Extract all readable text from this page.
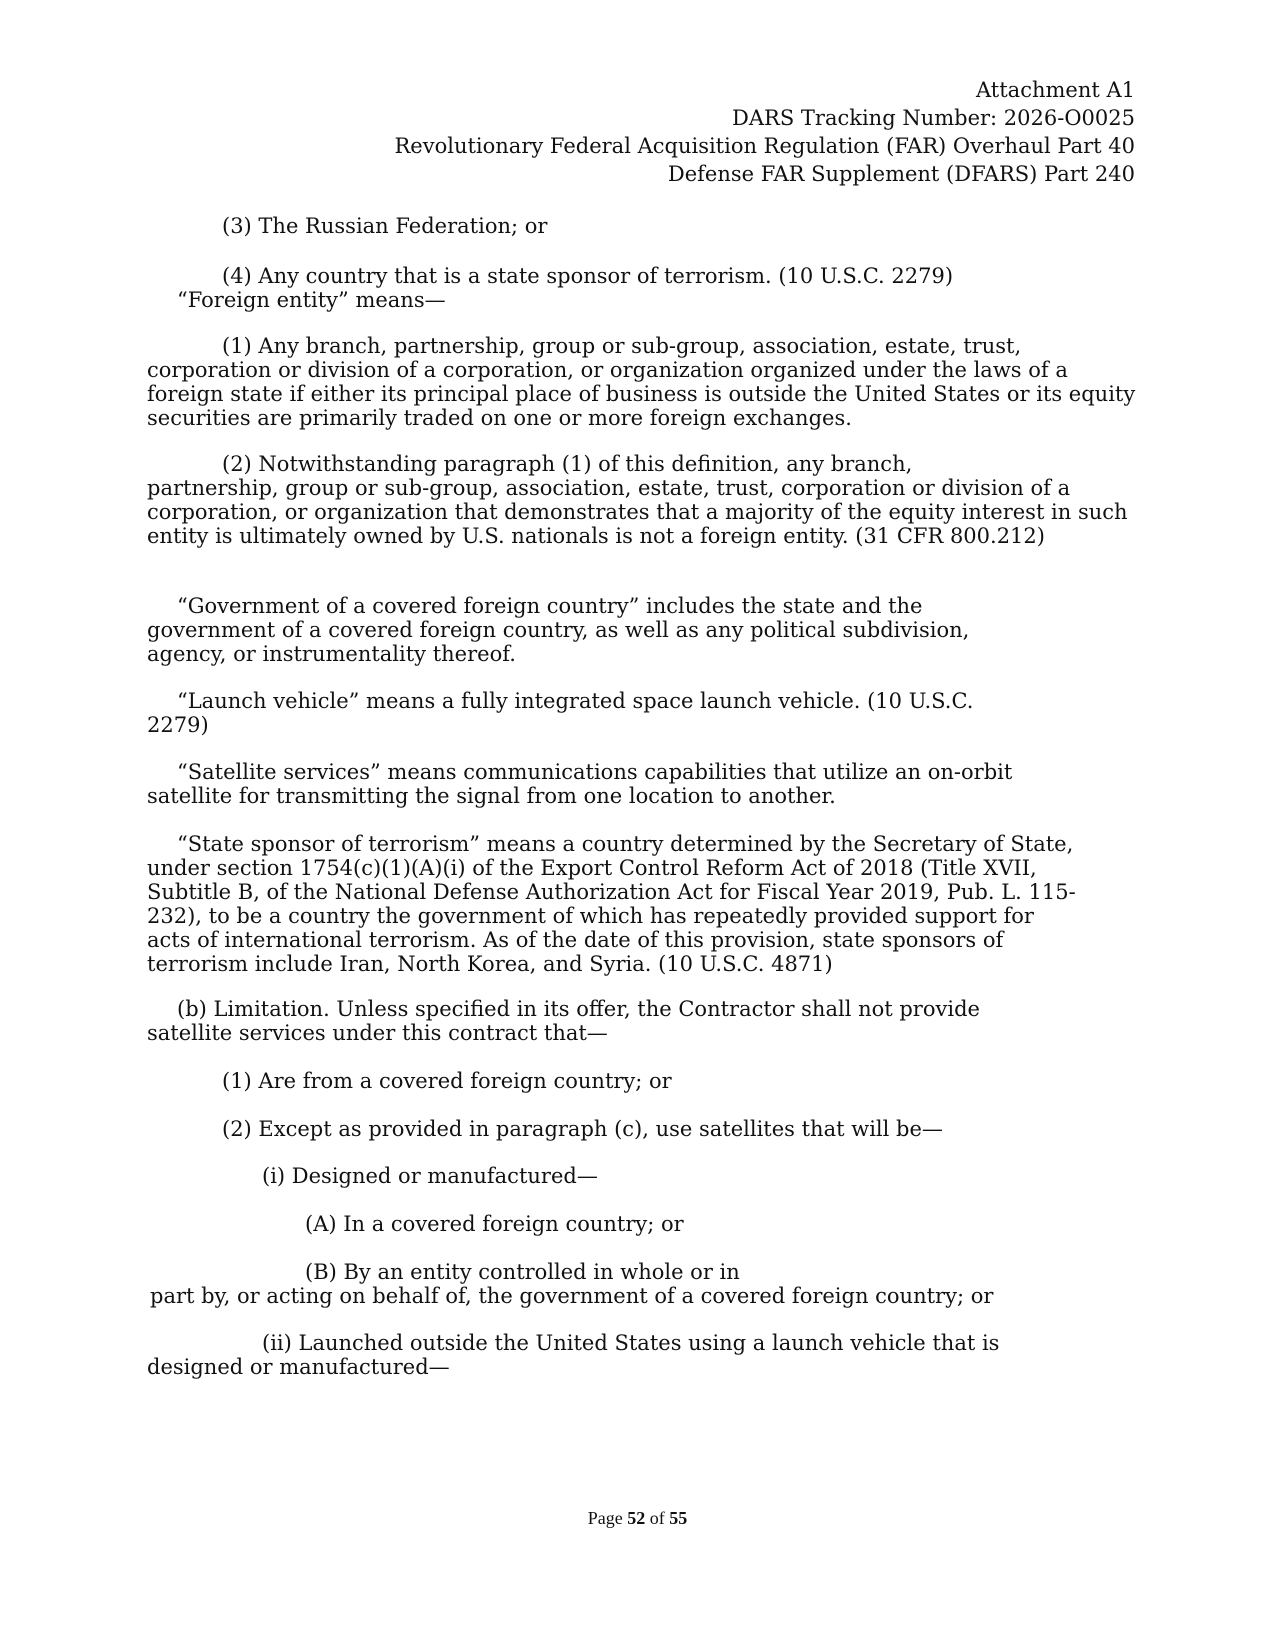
Attachment A1
DARS Tracking Number: 2026-O0025
Revolutionary Federal Acquisition Regulation (FAR) Overhaul Part 40
Defense FAR Supplement (DFARS) Part 240

(3) The Russian Federation; or

(4) Any country that is a state sponsor of terrorism. (10 U.S.C. 2279)

“Foreign entity” means—

(1) Any branch, partnership, group or sub-group, association, estate, trust,

corporation or division of a corporation, or organization organized under the laws of a foreign state if either its principal place of business is outside the United States or its equity securities are primarily traded on one or more foreign exchanges.

(2) Notwithstanding paragraph (1) of this definition, any branch,

partnership, group or sub-group, association, estate, trust, corporation or division of a corporation, or organization that demonstrates that a majority of the equity interest in such entity is ultimately owned by U.S. nationals is not a foreign entity. (31 CFR 800.212)

“Government of a covered foreign country” includes the state and the government of a covered foreign country, as well as any political subdivision, agency, or instrumentality thereof.

“Launch vehicle” means a fully integrated space launch vehicle. (10 U.S.C. 2279)

“Satellite services” means communications capabilities that utilize an on-orbit satellite for transmitting the signal from one location to another.

“State sponsor of terrorism” means a country determined by the Secretary of State, under section 1754(c)(1)(A)(i) of the Export Control Reform Act of 2018 (Title XVII, Subtitle B, of the National Defense Authorization Act for Fiscal Year 2019, Pub. L. 115-232), to be a country the government of which has repeatedly provided support for acts of international terrorism. As of the date of this provision, state sponsors of terrorism include Iran, North Korea, and Syria. (10 U.S.C. 4871)

(b) Limitation. Unless specified in its offer, the Contractor shall not provide satellite services under this contract that—

(1) Are from a covered foreign country; or

(2) Except as provided in paragraph (c), use satellites that will be—

(i) Designed or manufactured—

(A) In a covered foreign country; or

(B) By an entity controlled in whole or in

part by, or acting on behalf of, the government of a covered foreign country; or

(ii) Launched outside the United States using a launch vehicle that is designed or manufactured—

Page 52 of 55
